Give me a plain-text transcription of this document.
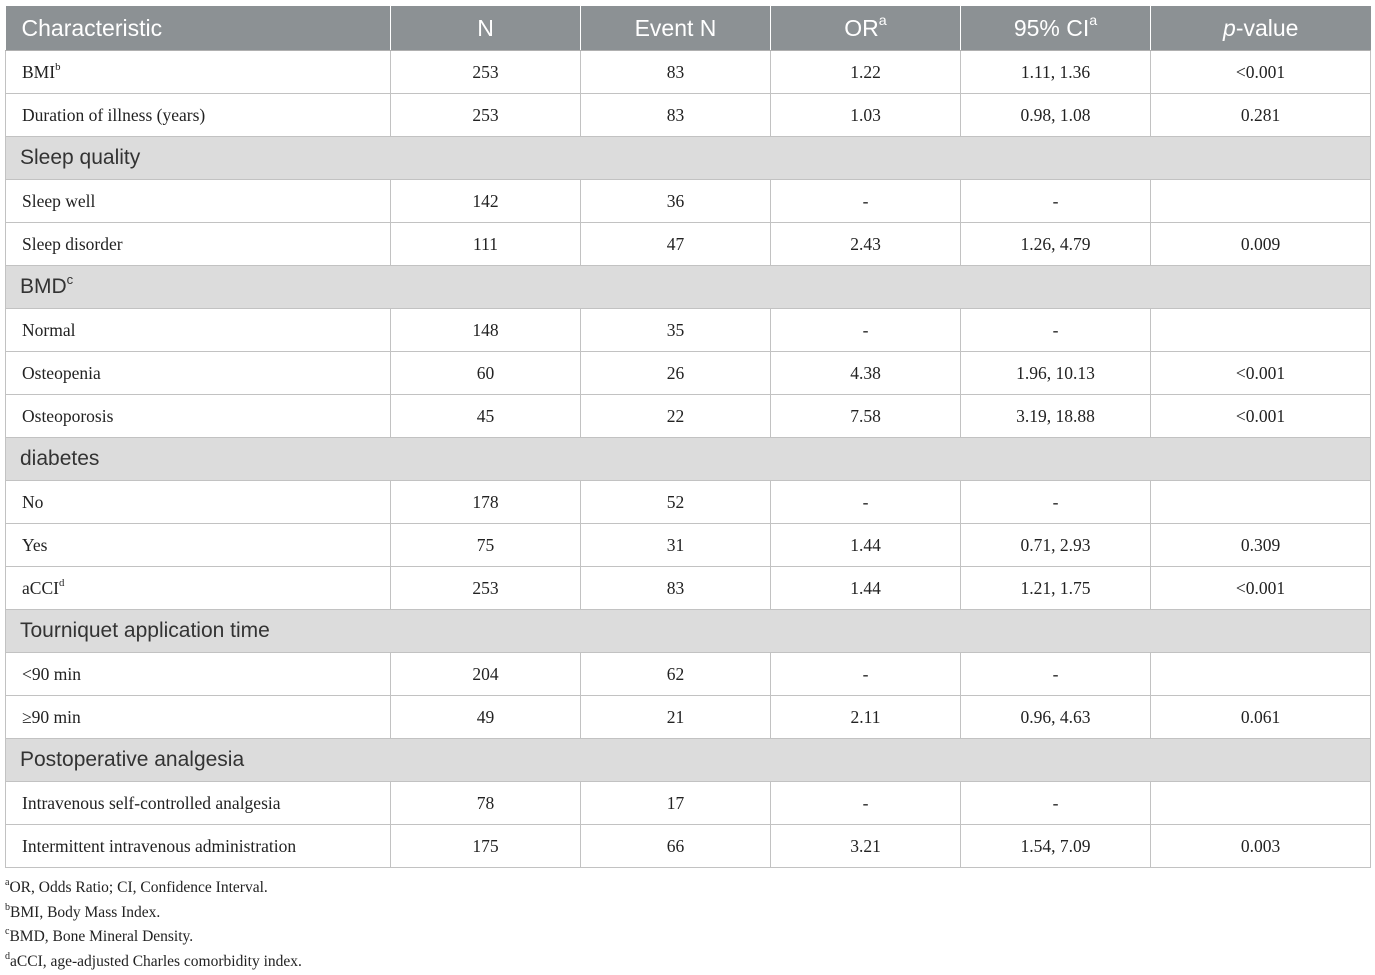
Characteristic	N	Event N	$OR^a$	95% $CI^a$	p-value
BMI$^b$	253	83	1.22	1.11, 1.36	<0.001
Duration of illness (years)	253	83	1.03	0.98, 1.08	0.281
Sleep quality					
Sleep well	142	36	-	-	
Sleep disorder	111	47	2.43	1.26, 4.79	0.009
BMD$^c$
Normal	148	35	-	-	
Osteopenia	60	26	4.38	1.96, 10.13	<0.001
Osteoporosis	45	22	7.58	3.19, 18.88	<0.001
diabetes					
No	178	52	-	-	
Yes	75	31	1.44	0.71, 2.93	0.309
aCCI$^d$	253	83	1.44	1.21, 1.75	<0.001
Tourniquet application time					
<90 min	204	62	-	-	
≥90 min	49	21	2.11	0.96, 4.63	0.061
Postoperative analgesia					
Intravenous self-controlled analgesia	78	17	-	-	
Intermittent intravenous administration	175	66	3.21	1.54, 7.09	0.003
$^a$OR, Odds Ratio; CI, Confidence Interval.
$^b$BMI, Body Mass Index.
$^c$BMD, Bone Mineral Density.
$^d$aCCI, age-adjusted Charles comorbidity index.
